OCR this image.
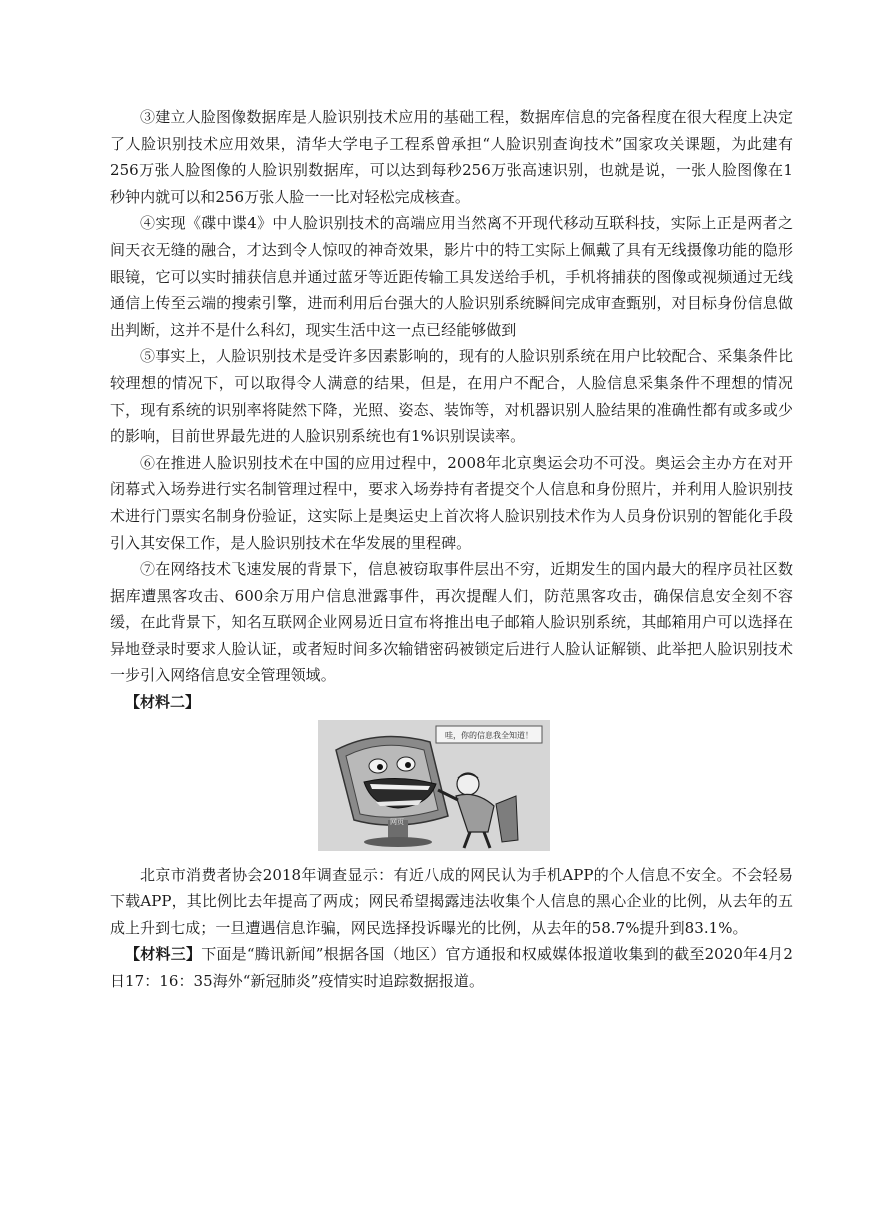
③建立人脸图像数据库是人脸识别技术应用的基础工程，数据库信息的完备程度在很大程度上决定了人脸识别技术应用效果，清华大学电子工程系曾承担“人脸识别查询技术”国家攻关课题，为此建有256万张人脸图像的人脸识别数据库，可以达到每秒256万张高速识别，也就是说，一张人脸图像在1秒钟内就可以和256万张人脸一一比对轻松完成核查。

④实现《碟中谍4》中人脸识别技术的高端应用当然离不开现代移动互联科技，实际上正是两者之间天衣无缝的融合，才达到令人惊叹的神奇效果，影片中的特工实际上佩戴了具有无线摄像功能的隐形眼镜，它可以实时捕获信息并通过蓝牙等近距传输工具发送给手机，手机将捕获的图像或视频通过无线通信上传至云端的搜索引擎，进而利用后台强大的人脸识别系统瞬间完成审查甄别，对目标身份信息做出判断，这并不是什么科幻，现实生活中这一点已经能够做到

⑤事实上，人脸识别技术是受许多因素影响的，现有的人脸识别系统在用户比较配合、采集条件比较理想的情况下，可以取得令人满意的结果，但是，在用户不配合，人脸信息采集条件不理想的情况下，现有系统的识别率将陡然下降，光照、姿态、装饰等，对机器识别人脸结果的准确性都有或多或少的影响，目前世界最先进的人脸识别系统也有1%识别误读率。

⑥在推进人脸识别技术在中国的应用过程中，2008年北京奥运会功不可没。奥运会主办方在对开闭幕式入场券进行实名制管理过程中，要求入场券持有者提交个人信息和身份照片，并利用人脸识别技术进行门票实名制身份验证，这实际上是奥运史上首次将人脸识别技术作为人员身份识别的智能化手段引入其安保工作，是人脸识别技术在华发展的里程碑。

⑦在网络技术飞速发展的背景下，信息被窃取事件层出不穷，近期发生的国内最大的程序员社区数据库遭黑客攻击、600余万用户信息泄露事件，再次提醒人们，防范黑客攻击，确保信息安全刻不容缓，在此背景下，知名互联网企业网易近日宣布将推出电子邮箱人脸识别系统，其邮箱用户可以选择在异地登录时要求人脸认证，或者短时间多次输错密码被锁定后进行人脸认证解锁、此举把人脸识别技术一步引入网络信息安全管理领域。

【材料二】

哇，你的信息我全知道！
网页

北京市消费者协会2018年调查显示：有近八成的网民认为手机APP的个人信息不安全。不会轻易下载APP，其比例比去年提高了两成；网民希望揭露违法收集个人信息的黑心企业的比例，从去年的五成上升到七成；一旦遭遇信息诈骗，网民选择投诉曝光的比例，从去年的58.7%提升到83.1%。

【材料三】下面是“腾讯新闻”根据各国（地区）官方通报和权威媒体报道收集到的截至2020年4月2日17：16：35海外“新冠肺炎”疫情实时追踪数据报道。
